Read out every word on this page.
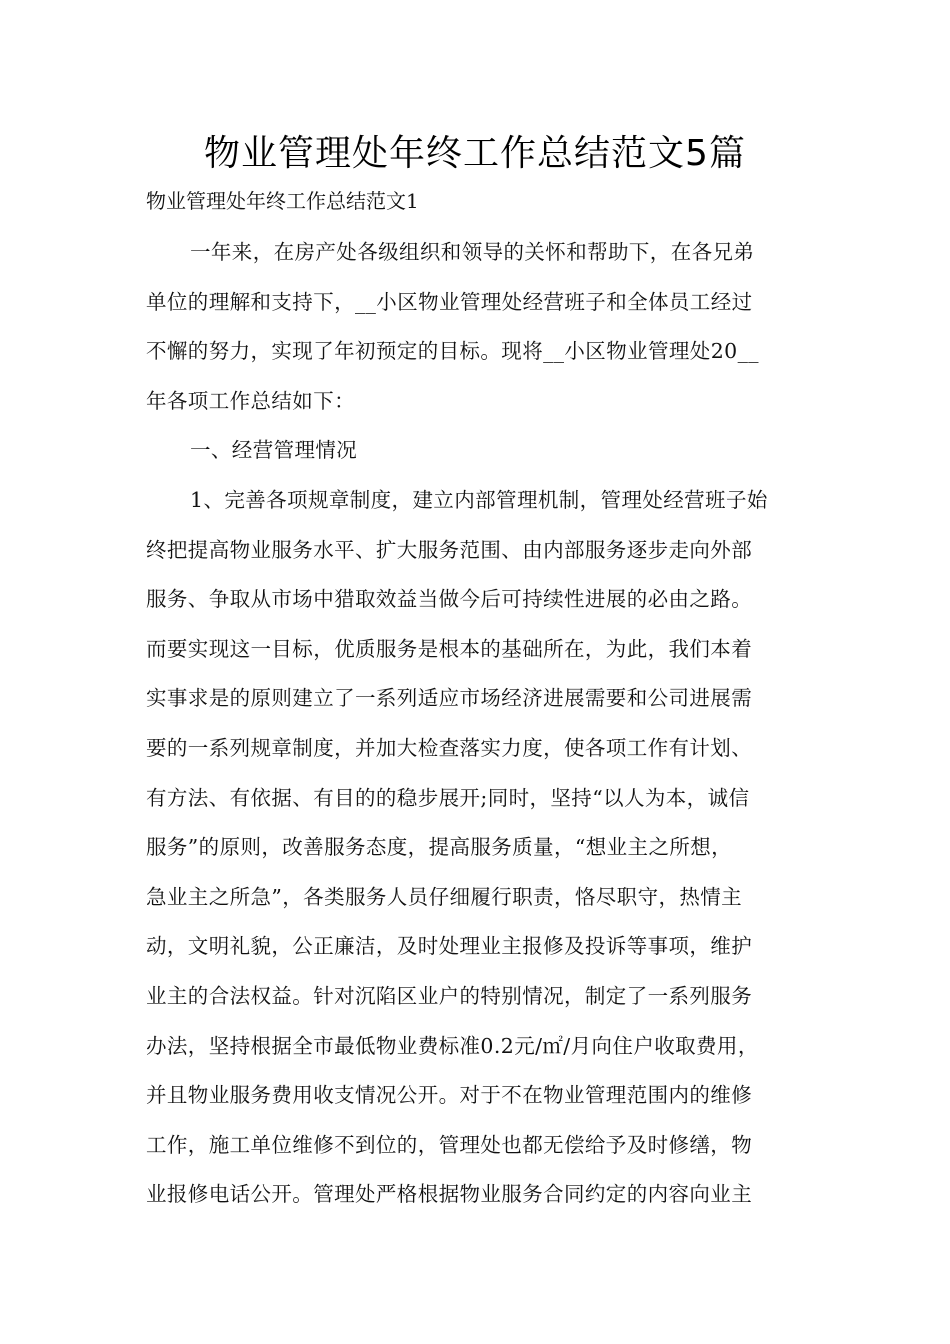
物业管理处年终工作总结范文5篇
物业管理处年终工作总结范文1
一年来，在房产处各级组织和领导的关怀和帮助下，在各兄弟
单位的理解和支持下，__小区物业管理处经营班子和全体员工经过
不懈的努力，实现了年初预定的目标。现将__小区物业管理处20__
年各项工作总结如下：
一、经营管理情况
1、完善各项规章制度，建立内部管理机制，管理处经营班子始
终把提高物业服务水平、扩大服务范围、由内部服务逐步走向外部
服务、争取从市场中猎取效益当做今后可持续性进展的必由之路。
而要实现这一目标，优质服务是根本的基础所在，为此，我们本着
实事求是的原则建立了一系列适应市场经济进展需要和公司进展需
要的一系列规章制度，并加大检查落实力度，使各项工作有计划、
有方法、有依据、有目的的稳步展开;同时，坚持“以人为本，诚信
服务”的原则，改善服务态度，提高服务质量，“想业主之所想，
急业主之所急”，各类服务人员仔细履行职责，恪尽职守，热情主
动，文明礼貌，公正廉洁，及时处理业主报修及投诉等事项，维护
业主的合法权益。针对沉陷区业户的特别情况，制定了一系列服务
办法，坚持根据全市最低物业费标准0.2元/㎡/月向住户收取费用，
并且物业服务费用收支情况公开。对于不在物业管理范围内的维修
工作，施工单位维修不到位的，管理处也都无偿给予及时修缮，物
业报修电话公开。管理处严格根据物业服务合同约定的内容向业主
